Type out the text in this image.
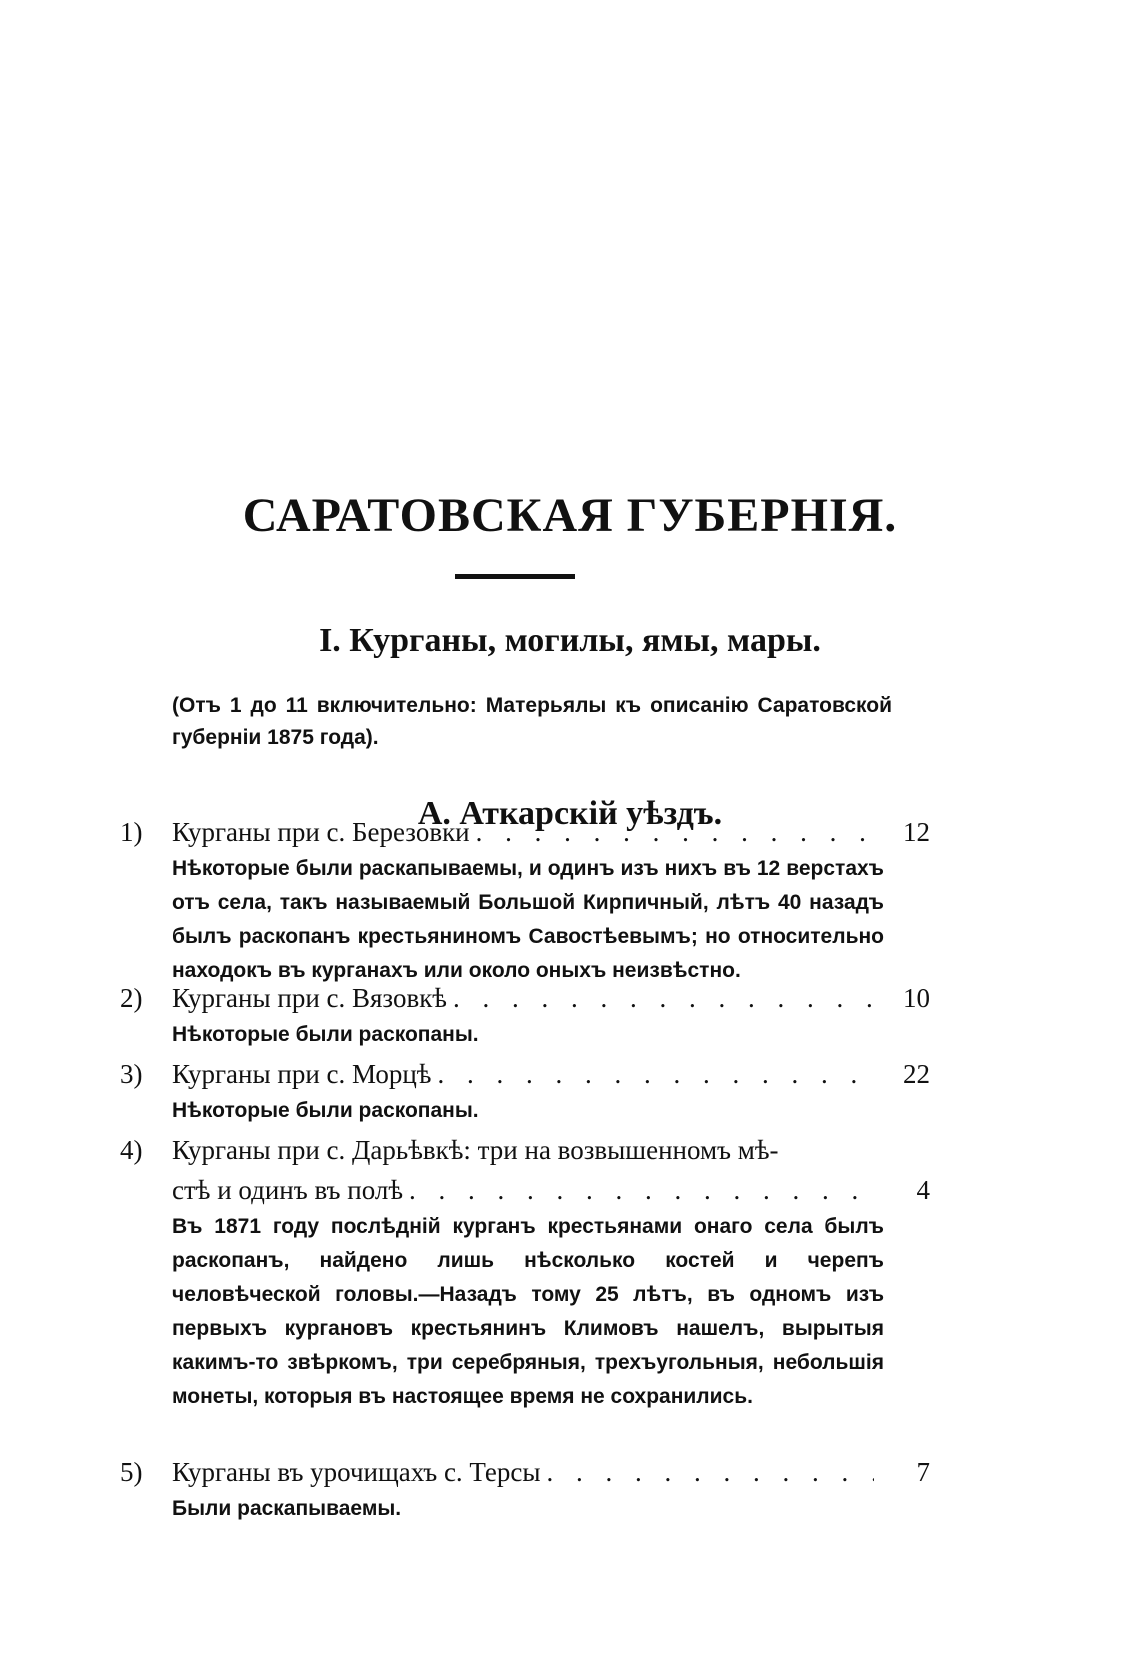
САРАТОВСКАЯ ГУБЕРНІЯ.
I. Курганы, могилы, ямы, мары.
(Отъ 1 до 11 включительно: Матерьялы къ описанію Саратовской губерніи 1875 года).
А. Аткарскій уѣздъ.
1)	Курганы при с. Березовки . . .	12
Нѣкоторые были раскапываемы, и одинъ изъ нихъ въ 12 верстахъ отъ села, такъ называемый Большой Кирпичный, лѣтъ 40 назадъ былъ раскопанъ крестьяниномъ Савостѣевымъ; но относительно находокъ въ курганахъ или около оныхъ неизвѣстно.
2)	Курганы при с. Вязовкѣ . . .	10
Нѣкоторые были раскопаны.
3)	Курганы при с. Морцѣ . . .	22
Нѣкоторые были раскопаны.
4)	Курганы при с. Дарьѣвкѣ: три на возвышенномъ мѣ-
стѣ и одинъ въ полѣ . . .	4
Въ 1871 году послѣдній курганъ крестьянами онаго села былъ раскопанъ, найдено лишь нѣсколько костей и черепъ человѣческой головы.—Назадъ тому 25 лѣтъ, въ одномъ изъ первыхъ кургановъ крестьянинъ Климовъ нашелъ, вырытыя какимъ-то звѣркомъ, три серебряныя, трехъугольныя, небольшія монеты, которыя въ настоящее время не сохранились.
5)	Курганы въ урочищахъ с. Терсы . . .	7
Были раскапываемы.
